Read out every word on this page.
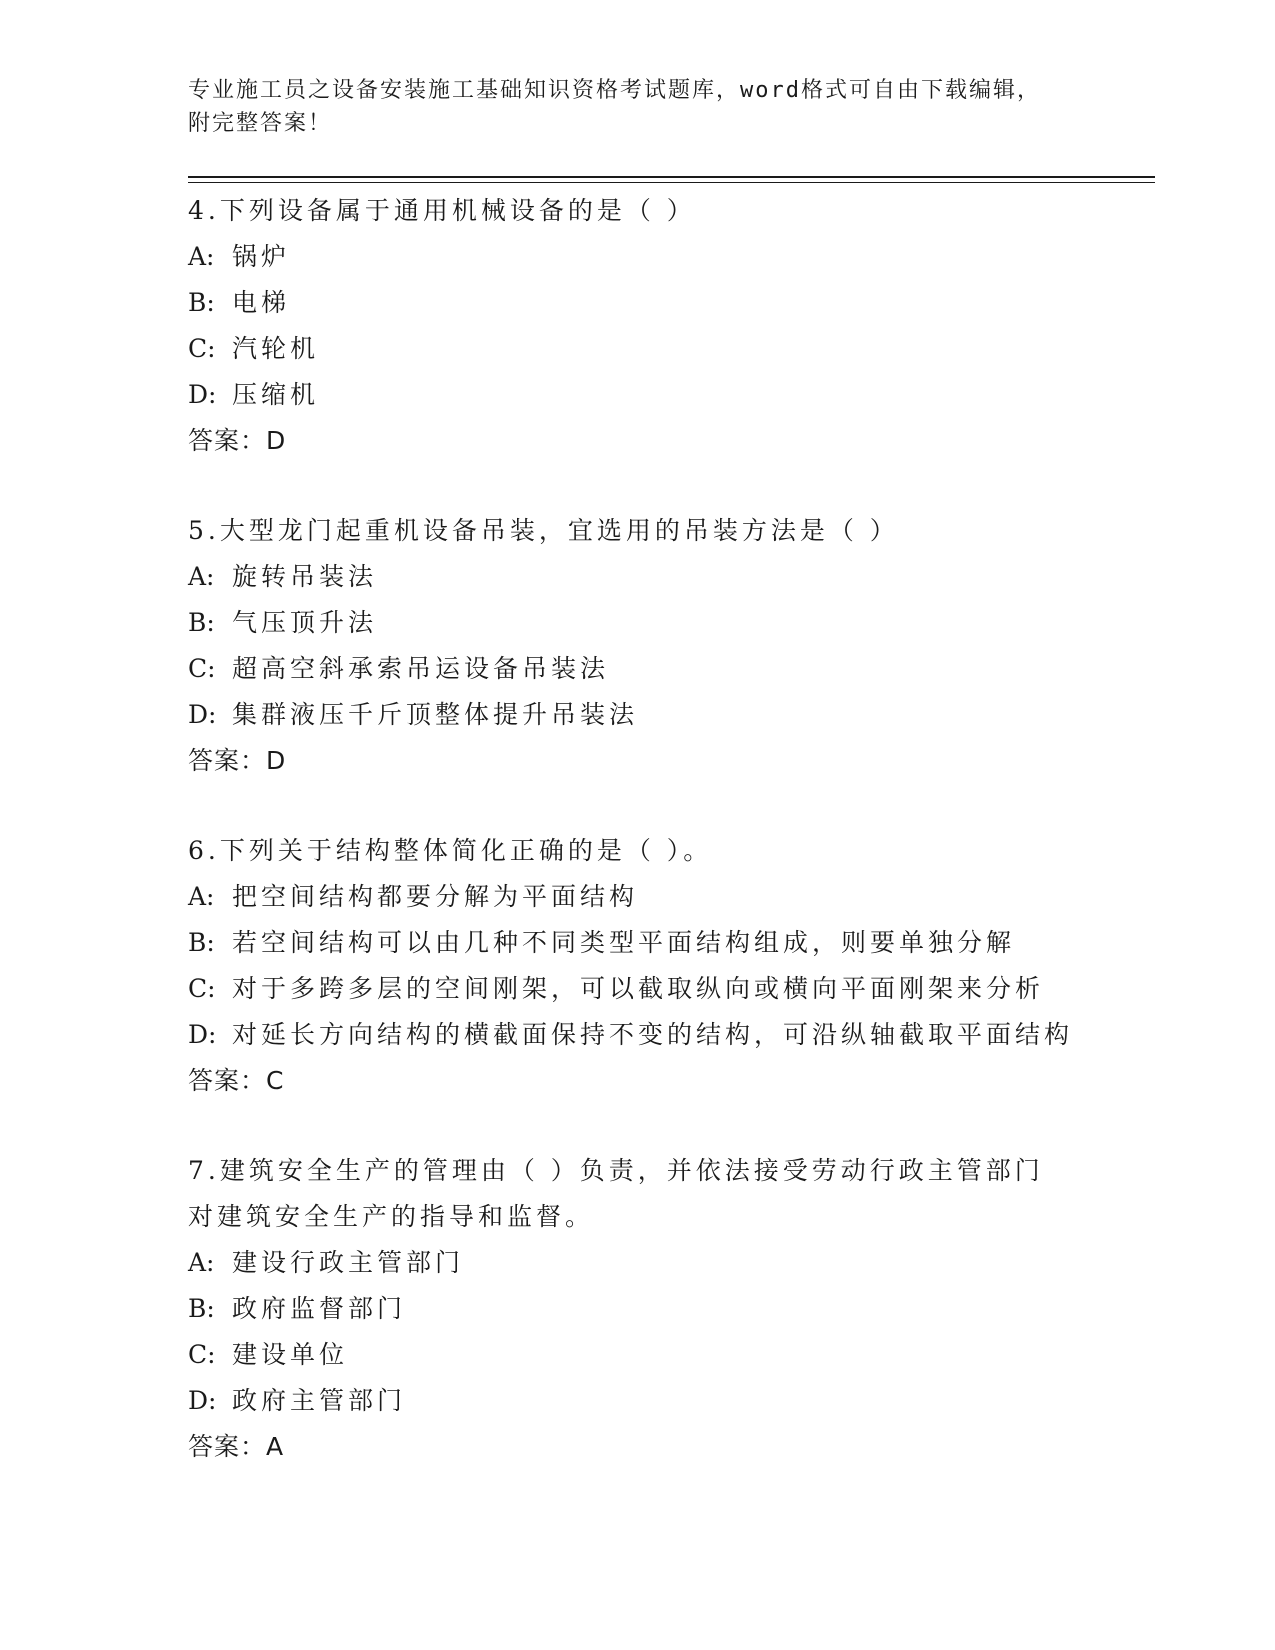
专业施工员之设备安装施工基础知识资格考试题库，word格式可自由下载编辑，
附完整答案！
4.下列设备属于通用机械设备的是（ ）
A: 锅炉
B: 电梯
C: 汽轮机
D: 压缩机
答案：D
5.大型龙门起重机设备吊装，宜选用的吊装方法是（ ）
A: 旋转吊装法
B: 气压顶升法
C: 超高空斜承索吊运设备吊装法
D: 集群液压千斤顶整体提升吊装法
答案：D
6.下列关于结构整体简化正确的是（ ）。
A: 把空间结构都要分解为平面结构
B: 若空间结构可以由几种不同类型平面结构组成，则要单独分解
C: 对于多跨多层的空间刚架，可以截取纵向或横向平面刚架来分析
D: 对延长方向结构的横截面保持不变的结构，可沿纵轴截取平面结构
答案：C
7.建筑安全生产的管理由（ ）负责，并依法接受劳动行政主管部门对建筑安全生产的指导和监督。
A: 建设行政主管部门
B: 政府监督部门
C: 建设单位
D: 政府主管部门
答案：A
